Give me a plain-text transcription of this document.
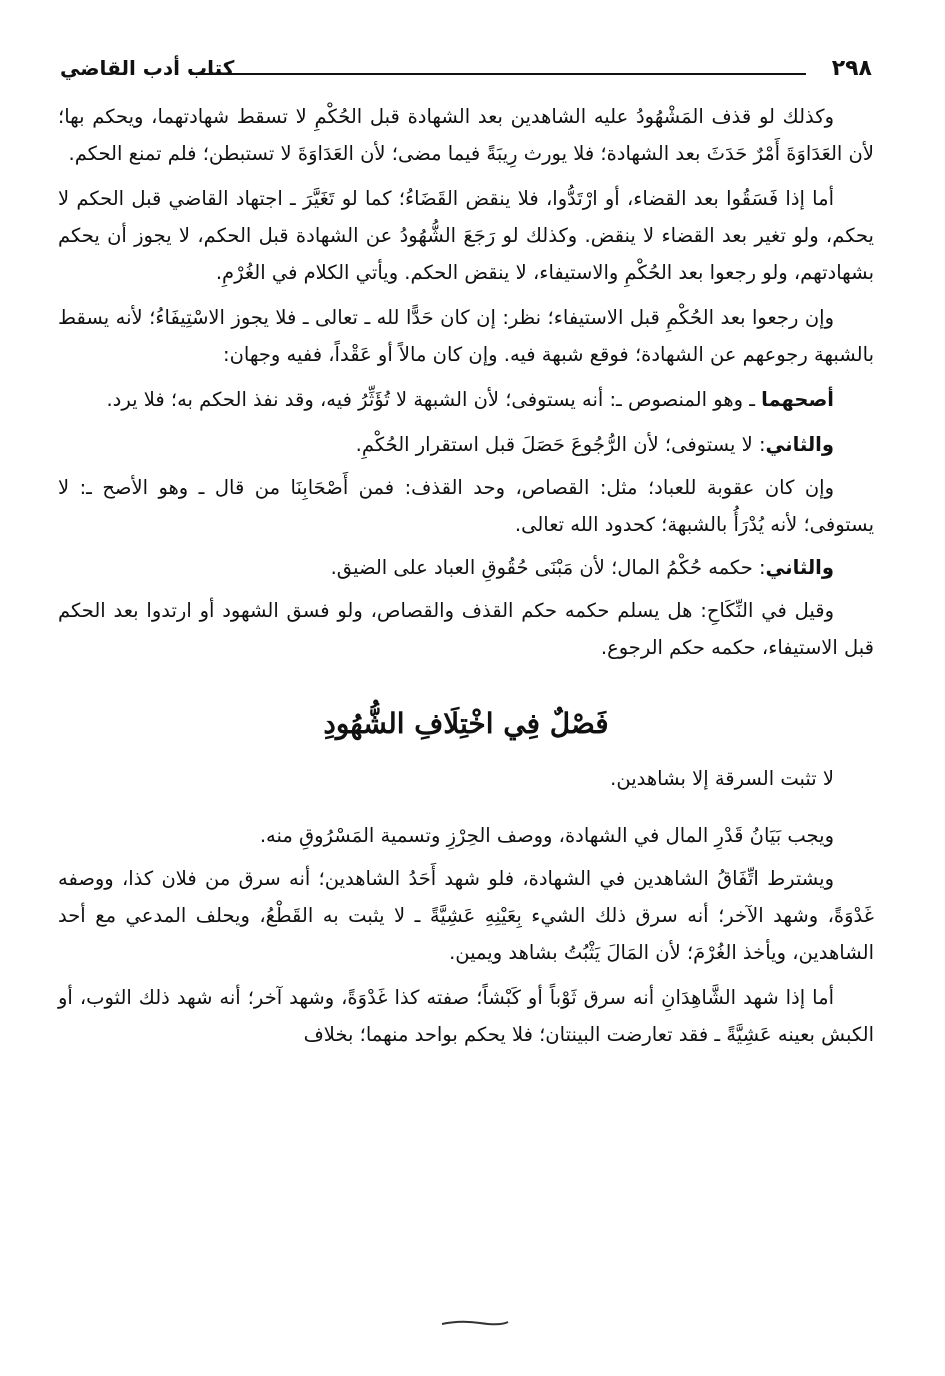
٢٩٨
كتاب أدب القاضي

وكذلك لو قذف المَشْهُودُ عليه الشاهدين بعد الشهادة قبل الحُكْمِ لا تسقط شهادتهما، ويحكم بها؛ لأن العَدَاوَةَ أَمْرٌ حَدَثَ بعد الشهادة؛ فلا يورث رِيبَةً فيما مضى؛ لأن العَدَاوَةَ لا تستبطن؛ فلم تمنع الحكم.

أما إذا فَسَقُوا بعد القضاء، أو ارْتَدُّوا، فلا ينقض القَضَاءُ؛ كما لو تَغَيَّرَ ـ اجتهاد القاضي قبل الحكم لا يحكم، ولو تغير بعد القضاء لا ينقض. وكذلك لو رَجَعَ الشُّهُودُ عن الشهادة قبل الحكم، لا يجوز أن يحكم بشهادتهم، ولو رجعوا بعد الحُكْمِ والاستيفاء، لا ينقض الحكم. ويأتي الكلام في الغُرْمِ.

وإن رجعوا بعد الحُكْمِ قبل الاستيفاء؛ نظر: إن كان حَدًّا لله ـ تعالى ـ فلا يجوز الاسْتِيفَاءُ؛ لأنه يسقط بالشبهة رجوعهم عن الشهادة؛ فوقع شبهة فيه. وإن كان مالاً أو عَقْداً، ففيه وجهان:

أصحهما ـ وهو المنصوص ـ: أنه يستوفى؛ لأن الشبهة لا تُؤَثِّرُ فيه، وقد نفذ الحكم به؛ فلا يرد.

والثاني: لا يستوفى؛ لأن الرُّجُوعَ حَصَلَ قبل استقرار الحُكْمِ.

وإن كان عقوبة للعباد؛ مثل: القصاص، وحد القذف: فمن أَصْحَابِنَا من قال ـ وهو الأصح ـ: لا يستوفى؛ لأنه يُدْرَأُ بالشبهة؛ كحدود الله تعالى.

والثاني: حكمه حُكْمُ المال؛ لأن مَبْنَى حُقُوقِ العباد على الضيق.

وقيل في النِّكَاحِ: هل يسلم حكمه حكم القذف والقصاص، ولو فسق الشهود أو ارتدوا بعد الحكم قبل الاستيفاء، حكمه حكم الرجوع.

فَصْلٌ فِي اخْتِلَافِ الشُّهُودِ

لا تثبت السرقة إلا بشاهدين.

ويجب بَيَانُ قَدْرِ المال في الشهادة، ووصف الحِرْزِ وتسمية المَسْرُوقِ منه.

ويشترط اتِّفَاقُ الشاهدين في الشهادة، فلو شهد أَحَدُ الشاهدين؛ أنه سرق من فلان كذا، ووصفه غَدْوَةً، وشهد الآخر؛ أنه سرق ذلك الشيء بِعَيْنِهِ عَشِيَّةً ـ لا يثبت به القَطْعُ، ويحلف المدعي مع أحد الشاهدين، ويأخذ الغُرْمَ؛ لأن المَالَ يَثْبُتُ بشاهد ويمين.

أما إذا شهد الشَّاهِدَانِ أنه سرق ثَوْباً أو كَبْشاً؛ صفته كذا غَدْوَةً، وشهد آخر؛ أنه شهد ذلك الثوب، أو الكبش بعينه عَشِيَّةً ـ فقد تعارضت البينتان؛ فلا يحكم بواحد منهما؛ بخلاف
